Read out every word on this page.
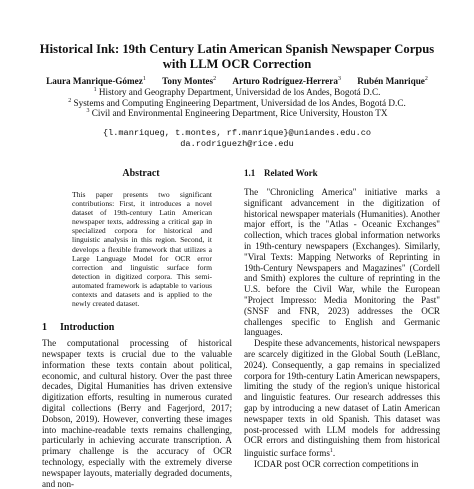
Historical Ink: 19th Century Latin American Spanish Newspaper Corpus with LLM OCR Correction
Laura Manrique-Gómez$^1$ Tony Montes$^2$ Arturo Rodríguez-Herrera$^3$ Rubén Manrique$^2$
$^1$ History and Geography Department, Universidad de los Andes, Bogotá D.C.
$^2$ Systems and Computing Engineering Department, Universidad de los Andes, Bogotá D.C.
$^3$ Civil and Environmental Engineering Department, Rice University, Houston TX
{l.manriqueg, t.montes, rf.manrique}@uniandes.edu.co
da.rodriguezh@rice.edu
Abstract
This paper presents two significant contributions: First, it introduces a novel dataset of 19th-century Latin American newspaper texts, addressing a critical gap in specialized corpora for historical and linguistic analysis in this region. Second, it develops a flexible framework that utilizes a Large Language Model for OCR error correction and linguistic surface form detection in digitized corpora. This semi-automated framework is adaptable to various contexts and datasets and is applied to the newly created dataset.
1 Introduction

The computational processing of historical newspaper texts is crucial due to the valuable information these texts contain about political, economic, and cultural history. Over the past three decades, Digital Humanities has driven extensive digitization efforts, resulting in numerous curated digital collections (Berry and Fagerjord, 2017; Dobson, 2019). However, converting these images into machine-readable texts remains challenging, particularly in achieving accurate transcription. A primary challenge is the accuracy of OCR technology, especially with the extremely diverse newspaper layouts, materially degraded documents, and non-

1.1 Related Work

The "Chronicling America" initiative marks a significant advancement in the digitization of historical newspaper materials (Humanities). Another major effort, is the "Atlas - Oceanic Exchanges" collection, which traces global information networks in 19th-century newspapers (Exchanges). Similarly, "Viral Texts: Mapping Networks of Reprinting in 19th-Century Newspapers and Magazines" (Cordell and Smith) explores the culture of reprinting in the U.S. before the Civil War, while the European "Project Impresso: Media Monitoring the Past" (SNSF and FNR, 2023) addresses the OCR challenges specific to English and Germanic languages.

Despite these advancements, historical newspapers are scarcely digitized in the Global South (LeBlanc, 2024). Consequently, a gap remains in specialized corpora for 19th-century Latin American newspapers, limiting the study of the region's unique historical and linguistic features. Our research addresses this gap by introducing a new dataset of Latin American newspaper texts in old Spanish. This dataset was post-processed with LLM models for addressing OCR errors and distinguishing them from historical linguistic surface forms$^1$.

ICDAR post OCR correction competitions in
